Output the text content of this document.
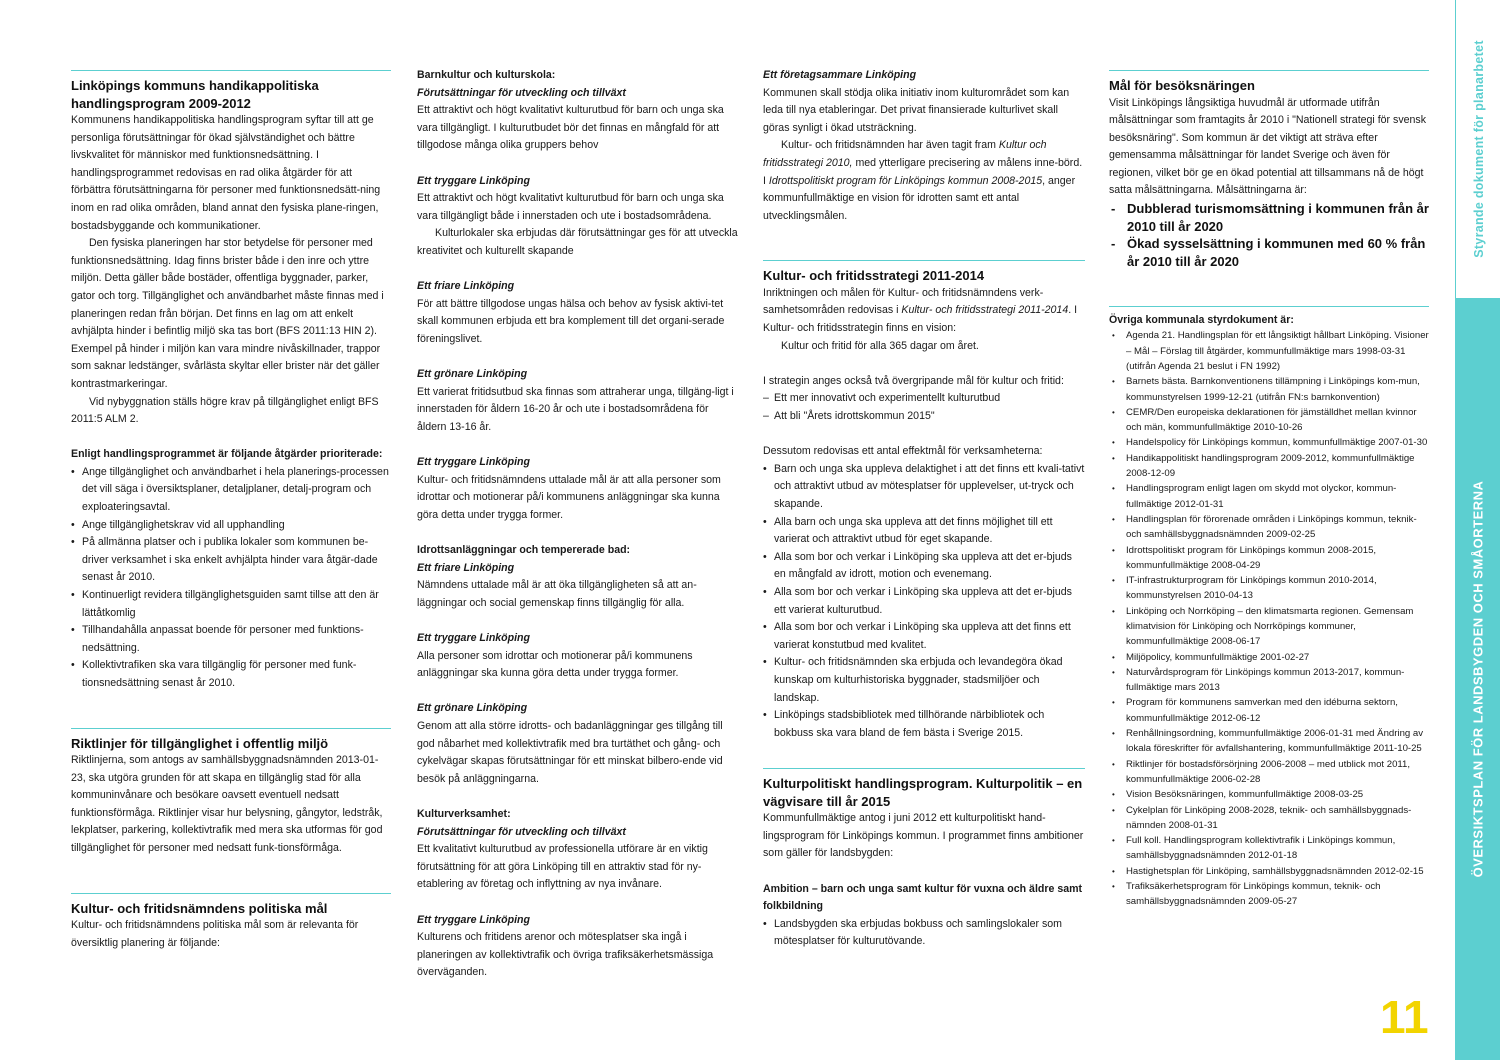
Linköpings kommuns handikappolitiska handlingsprogram 2009-2012

Kommunens handikappolitiska handlingsprogram syftar till att ge personliga förutsättningar för ökad självständighet och bättre livskvalitet för människor med funktionsnedsättning. I handlingsprogrammet redovisas en rad olika åtgärder för att förbättra förutsättningarna för personer med funktionsnedsätt-ning inom en rad olika områden, bland annat den fysiska plane-ringen, bostadsbyggande och kommunikationer.

Den fysiska planeringen har stor betydelse för personer med funktionsnedsättning. Idag finns brister både i den inre och yttre miljön. Detta gäller både bostäder, offentliga byggnader, parker, gator och torg. Tillgänglighet och användbarhet måste finnas med i planeringen redan från början. Det finns en lag om att enkelt avhjälpta hinder i befintlig miljö ska tas bort (BFS 2011:13 HIN 2). Exempel på hinder i miljön kan vara mindre nivåskillnader, trappor som saknar ledstänger, svårlästa skyltar eller brister när det gäller kontrastmarkeringar.

Vid nybyggnation ställs högre krav på tillgänglighet enligt BFS 2011:5 ALM 2.

Enligt handlingsprogrammet är följande åtgärder prioriterade:

• Ange tillgänglighet och användbarhet i hela planerings-processen det vill säga i översiktsplaner, detaljplaner, detalj-program och exploateringsavtal.
• Ange tillgänglighetskrav vid all upphandling
• På allmänna platser och i publika lokaler som kommunen be-driver verksamhet i ska enkelt avhjälpta hinder vara åtgär-dade senast år 2010.
• Kontinuerligt revidera tillgänglighetsguiden samt tillse att den är lättåtkomlig
• Tillhandahålla anpassat boende för personer med funktions-nedsättning.
• Kollektivtrafiken ska vara tillgänglig för personer med funk-tionsnedsättning senast år 2010.

Riktlinjer för tillgänglighet i offentlig miljö

Riktlinjerna, som antogs av samhällsbyggnadsnämnden 2013-01-23, ska utgöra grunden för att skapa en tillgänglig stad för alla kommuninvånare och besökare oavsett eventuell nedsatt funktionsförmåga. Riktlinjer visar hur belysning, gångytor, ledstråk, lekplatser, parkering, kollektivtrafik med mera ska utformas för god tillgänglighet för personer med nedsatt funk-tionsförmåga.

Kultur- och fritidsnämndens politiska mål

Kultur- och fritidsnämndens politiska mål som är relevanta för översiktlig planering är följande:

Barnkultur och kulturskola:

Förutsättningar för utveckling och tillväxt

Ett attraktivt och högt kvalitativt kulturutbud för barn och unga ska vara tillgängligt. I kulturutbudet bör det finnas en mångfald för att tillgodose många olika gruppers behov

Ett tryggare Linköping

Ett attraktivt och högt kvalitativt kulturutbud för barn och unga ska vara tillgängligt både i innerstaden och ute i bostadsområdena.

Kulturlokaler ska erbjudas där förutsättningar ges för att utveckla kreativitet och kulturellt skapande

Ett friare Linköping

För att bättre tillgodose ungas hälsa och behov av fysisk aktivi-tet skall kommunen erbjuda ett bra komplement till det organi-serade föreningslivet.

Ett grönare Linköping

Ett varierat fritidsutbud ska finnas som attraherar unga, tillgäng-ligt i innerstaden för åldern 16-20 år och ute i bostadsområdena för åldern 13-16 år.

Ett tryggare Linköping

Kultur- och fritidsnämndens uttalade mål är att alla personer som idrottar och motionerar på/i kommunens anläggningar ska kunna göra detta under trygga former.

Idrottsanläggningar och tempererade bad:

Ett friare Linköping

Nämndens uttalade mål är att öka tillgängligheten så att an-läggningar och social gemenskap finns tillgänglig för alla.

Ett tryggare Linköping

Alla personer som idrottar och motionerar på/i kommunens anläggningar ska kunna göra detta under trygga former.

Ett grönare Linköping

Genom att alla större idrotts- och badanläggningar ges tillgång till god nåbarhet med kollektivtrafik med bra turtäthet och gång- och cykelvägar skapas förutsättningar för ett minskat bilbero-ende vid besök på anläggningarna.

Kulturverksamhet:

Förutsättningar för utveckling och tillväxt

Ett kvalitativt kulturutbud av professionella utförare är en viktig förutsättning för att göra Linköping till en attraktiv stad för ny-etablering av företag och inflyttning av nya invånare.

Ett tryggare Linköping

Kulturens och fritidens arenor och mötesplatser ska ingå i planeringen av kollektivtrafik och övriga trafiksäkerhetsmässiga överväganden.

Ett företagsammare Linköping

Kommunen skall stödja olika initiativ inom kulturområdet som kan leda till nya etableringar. Det privat finansierade kulturlivet skall göras synligt i ökad utsträckning.

Kultur- och fritidsnämnden har även tagit fram Kultur och fritidsstrategi 2010, med ytterligare precisering av målens inne-börd. I Idrottspolitiskt program för Linköpings kommun 2008-2015, anger kommunfullmäktige en vision för idrotten samt ett antal utvecklingsmålen.

Kultur- och fritidsstrategi 2011-2014

Inriktningen och målen för Kultur- och fritidsnämndens verk-samhetsområden redovisas i Kultur- och fritidsstrategi 2011-2014. I Kultur- och fritidsstrategin finns en vision:

Kultur och fritid för alla 365 dagar om året.

I strategin anges också två övergripande mål för kultur och fritid:

– Ett mer innovativt och experimentellt kulturutbud
– Att bli "Årets idrottskommun 2015"

Dessutom redovisas ett antal effektmål för verksamheterna:

• Barn och unga ska uppleva delaktighet i att det finns ett kvali-tativt och attraktivt utbud av mötesplatser för upplevelser, ut-tryck och skapande.
• Alla barn och unga ska uppleva att det finns möjlighet till ett varierat och attraktivt utbud för eget skapande.
• Alla som bor och verkar i Linköping ska uppleva att det er-bjuds en mångfald av idrott, motion och evenemang.
• Alla som bor och verkar i Linköping ska uppleva att det er-bjuds ett varierat kulturutbud.
• Alla som bor och verkar i Linköping ska uppleva att det finns ett varierat konstutbud med kvalitet.
• Kultur- och fritidsnämnden ska erbjuda och levandegöra ökad kunskap om kulturhistoriska byggnader, stadsmiljöer och landskap.
• Linköpings stadsbibliotek med tillhörande närbibliotek och bokbuss ska vara bland de fem bästa i Sverige 2015.

Kulturpolitiskt handlingsprogram. Kulturpolitik – en vägvisare till år 2015

Kommunfullmäktige antog i juni 2012 ett kulturpolitiskt hand-lingsprogram för Linköpings kommun. I programmet finns ambitioner som gäller för landsbygden:

Ambition – barn och unga samt kultur för vuxna och äldre samt folkbildning

• Landsbygden ska erbjudas bokbuss och samlingslokaler som mötesplatser för kulturutövande.

Mål för besöksnäringen

Visit Linköpings långsiktiga huvudmål är utformade utifrån målsättningar som framtagits år 2010 i "Nationell strategi för svensk besöksnäring". Som kommun är det viktigt att sträva efter gemensamma målsättningar för landet Sverige och även för regionen, vilket bör ge en ökad potential att tillsammans nå de högt satta målsättningarna. Målsättningarna är:

- Dubblerad turismomsättning i kommunen från år 2010 till år 2020
- Ökad sysselsättning i kommunen med 60 % från år 2010 till år 2020

Övriga kommunala styrdokument är:

• Agenda 21. Handlingsplan för ett långsiktigt hållbart Linköping. Visioner – Mål – Förslag till åtgärder, kommunfullmäktige mars 1998-03-31 (utifrån Agenda 21 beslut i FN 1992)
• Barnets bästa. Barnkonventionens tillämpning i Linköpings kom-mun, kommunstyrelsen 1999-12-21 (utifrån FN:s barnkonvention)
• CEMR/Den europeiska deklarationen för jämställdhet mellan kvinnor och män, kommunfullmäktige 2010-10-26
• Handelspolicy för Linköpings kommun, kommunfullmäktige 2007-01-30
• Handikappolitiskt handlingsprogram 2009-2012, kommunfullmäktige 2008-12-09
• Handlingsprogram enligt lagen om skydd mot olyckor, kommun-fullmäktige 2012-01-31
• Handlingsplan för förorenade områden i Linköpings kommun, teknik- och samhällsbyggnadsnämnden 2009-02-25
• Idrottspolitiskt program för Linköpings kommun 2008-2015, kommunfullmäktige 2008-04-29
• IT-infrastrukturprogram för Linköpings kommun 2010-2014, kommunstyrelsen 2010-04-13
• Linköping och Norrköping – den klimatsmarta regionen. Gemensam klimatvision för Linköping och Norrköpings kommuner, kommunfullmäktige 2008-06-17
• Miljöpolicy, kommunfullmäktige 2001-02-27
• Naturvårdsprogram för Linköpings kommun 2013-2017, kommun-fullmäktige mars 2013
• Program för kommunens samverkan med den idéburna sektorn, kommunfullmäktige 2012-06-12
• Renhållningsordning, kommunfullmäktige 2006-01-31 med Ändring av lokala föreskrifter för avfallshantering, kommunfullmäktige 2011-10-25
• Riktlinjer för bostadsförsörjning 2006-2008 – med utblick mot 2011, kommunfullmäktige 2006-02-28
• Vision Besöksnäringen, kommunfullmäktige 2008-03-25
• Cykelplan för Linköping 2008-2028, teknik- och samhällsbyggnads-nämnden 2008-01-31
• Full koll. Handlingsprogram kollektivtrafik i Linköpings kommun, samhällsbyggnadsnämnden 2012-01-18
• Hastighetsplan för Linköping, samhällsbyggnadsnämnden 2012-02-15
• Trafiksäkerhetsprogram för Linköpings kommun, teknik- och samhällsbyggnadsnämnden 2009-05-27
Styrande dokument för planarbetet
ÖVERSIKTSPLAN FÖR LANDSBYGDEN OCH SMÅORTERNA
11
